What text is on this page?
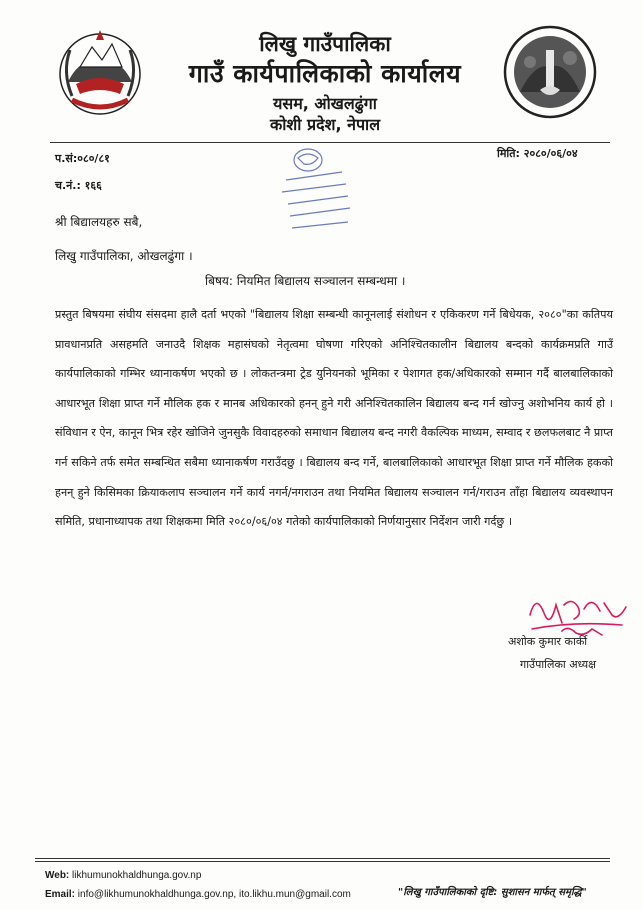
लिखु गाउँपालिका
गाउँ कार्यपालिकाको कार्यालय
यसम, ओखलढुंगा
कोशी प्रदेश, नेपाल
प.सं:०८०/८१
च.नं.: १६६
मिति: २०८०/०६/०४
श्री बिद्यालयहरु सबै,
लिखु गाउँपालिका, ओखलढुंगा ।
बिषय: नियमित बिद्यालय सञ्चालन सम्बन्धमा ।
प्रस्तुत बिषयमा संघीय संसदमा हालै दर्ता भएको "बिद्यालय शिक्षा सम्बन्धी कानूनलाई संशोधन र एकिकरण गर्ने बिधेयक, २०८०"का कतिपय प्रावधानप्रति असहमति जनाउदै शिक्षक महासंघको नेतृत्वमा घोषणा गरिएको अनिश्चितकालीन बिद्यालय बन्दको कार्यक्रमप्रति गाउँ कार्यपालिकाको गम्भिर ध्यानाकर्षण भएको छ । लोकतन्त्रमा ट्रेड युनियनको भूमिका र पेशागत हक/अधिकारको सम्मान गर्दै बालबालिकाको आधारभूत शिक्षा प्राप्त गर्ने मौलिक हक र मानब अधिकारको हनन् हुने गरी अनिश्चितकालिन बिद्यालय बन्द गर्न खोज्नु अशोभनिय कार्य हो । संविधान र ऐन, कानून भित्र रहेर खोजिने जुनसुकै विवादहरुको समाधान बिद्यालय बन्द नगरी वैकल्पिक माध्यम, सम्वाद र छलफलबाट नै प्राप्त गर्न सकिने तर्फ समेत सम्बन्धित सबैमा ध्यानाकर्षण गराउँदछु । बिद्यालय बन्द गर्ने, बालबालिकाको आधारभूत शिक्षा प्राप्त गर्ने मौलिक हकको हनन् हुने किसिमका क्रियाकलाप सञ्चालन गर्ने कार्य नगर्न/नगराउन तथा नियमित बिद्यालय सञ्चालन गर्न/गराउन ताँहा बिद्यालय व्यवस्थापन समिति, प्रधानाध्यापक तथा शिक्षकमा मिति २०८०/०६/०४ गतेको कार्यपालिकाको निर्णयानुसार निर्देशन जारी गर्दछु ।
अशोक कुमार कार्की
गाउँपालिका अध्यक्ष
Web: likhumunokhaldhunga.gov.np
Email: info@likhumunokhaldhunga.gov.np, ito.likhu.mun@gmail.com	"लिखु गाउँपालिकाको दृष्टि: सुशासन मार्फत् समृद्धि"
